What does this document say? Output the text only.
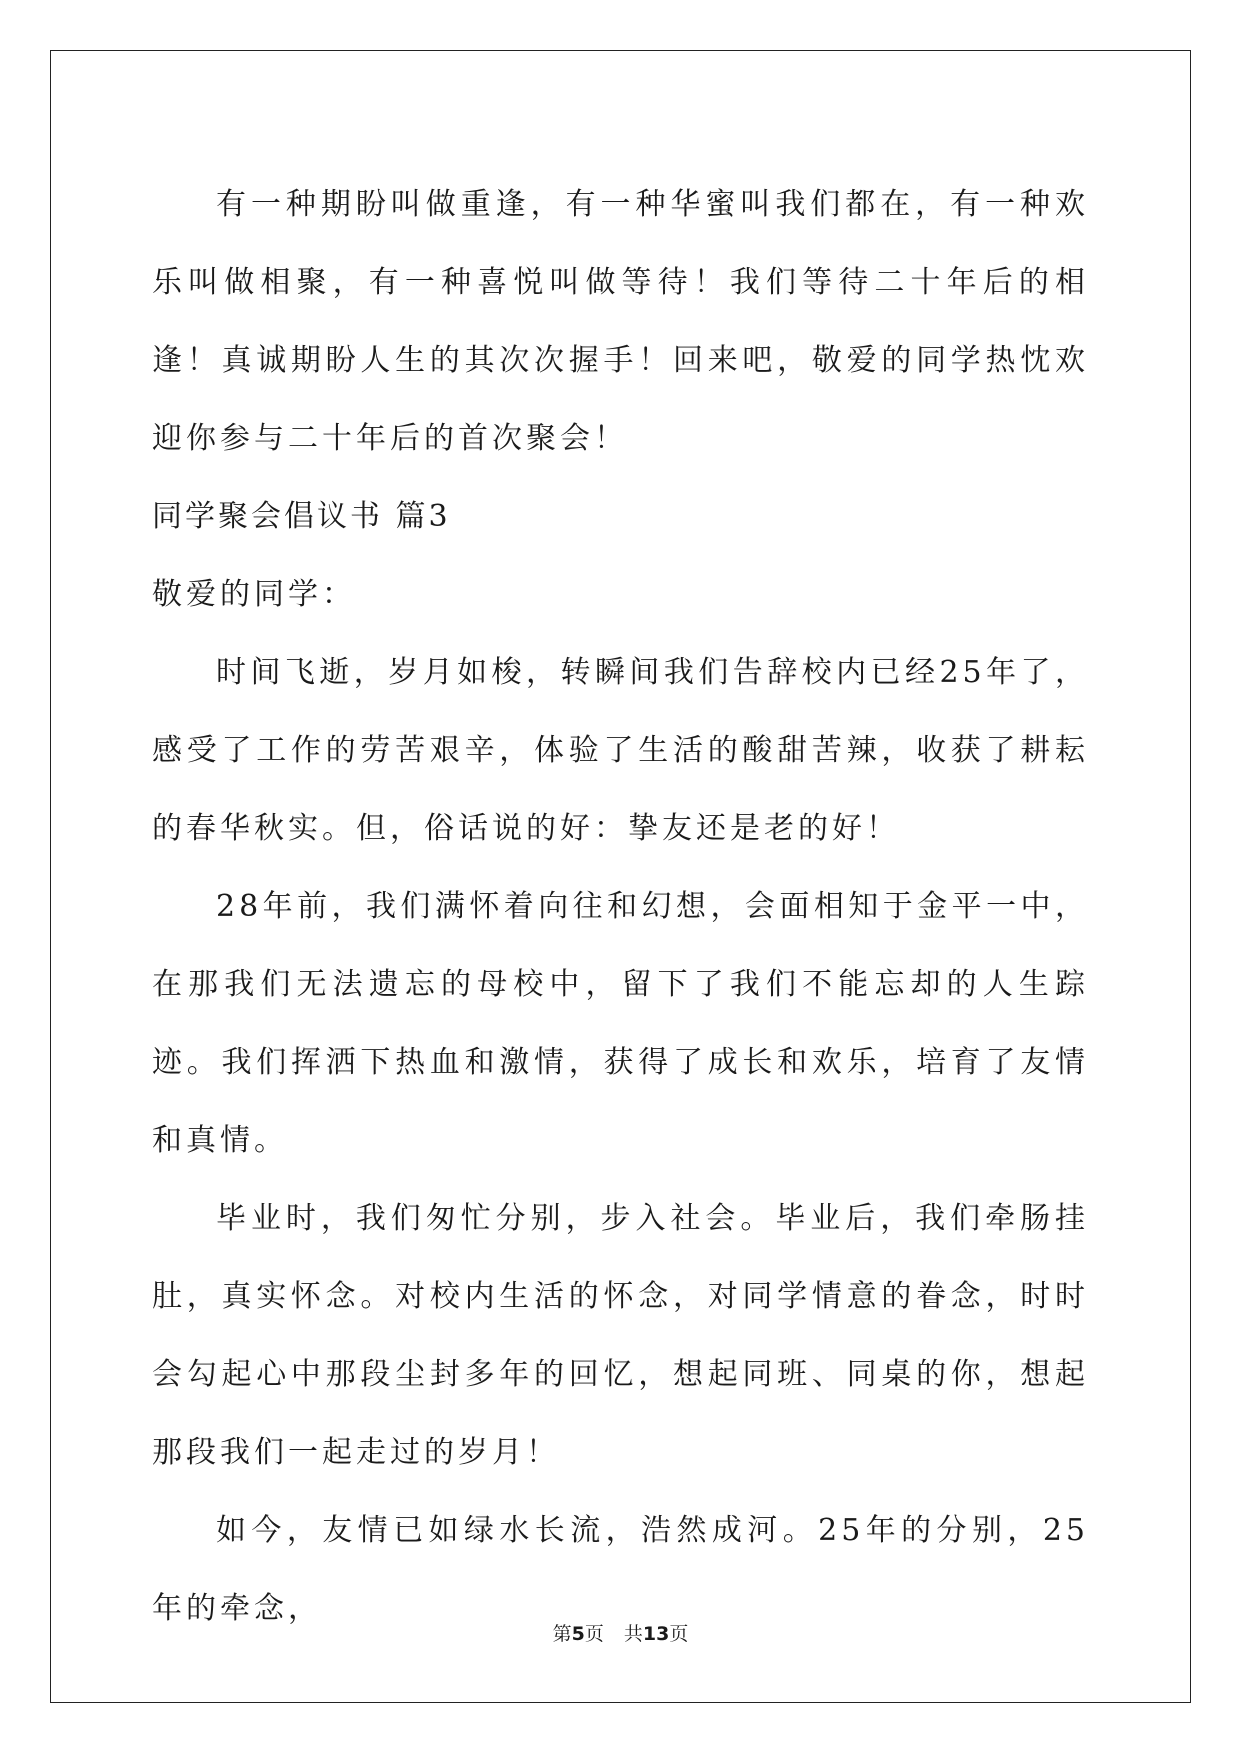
有一种期盼叫做重逢，有一种华蜜叫我们都在，有一种欢乐叫做相聚，有一种喜悦叫做等待！我们等待二十年后的相逢！真诚期盼人生的其次次握手！回来吧，敬爱的同学热忱欢迎你参与二十年后的首次聚会！

同学聚会倡议书 篇3

敬爱的同学：

时间飞逝，岁月如梭，转瞬间我们告辞校内已经25年了，感受了工作的劳苦艰辛，体验了生活的酸甜苦辣，收获了耕耘的春华秋实。但，俗话说的好：挚友还是老的好！

28年前，我们满怀着向往和幻想，会面相知于金平一中，在那我们无法遗忘的母校中，留下了我们不能忘却的人生踪迹。我们挥洒下热血和激情，获得了成长和欢乐，培育了友情和真情。

毕业时，我们匆忙分别，步入社会。毕业后，我们牵肠挂肚，真实怀念。对校内生活的怀念，对同学情意的眷念，时时会勾起心中那段尘封多年的回忆，想起同班、同桌的你，想起那段我们一起走过的岁月！

如今，友情已如绿水长流，浩然成河。25年的分别，25年的牵念，

第5页 共13页
